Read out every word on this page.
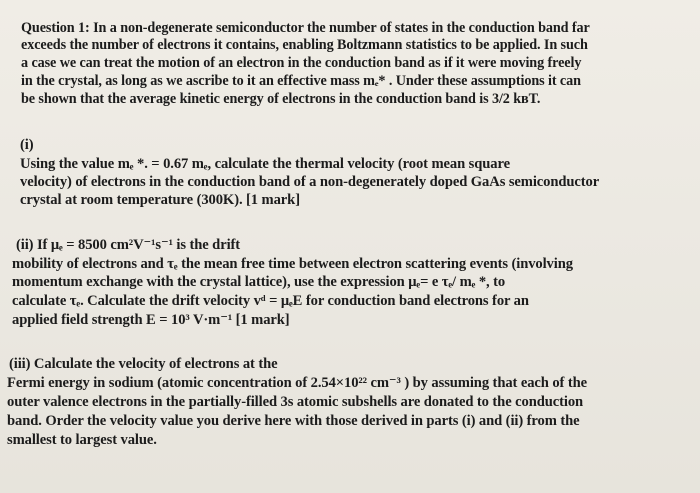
Question 1: In a non-degenerate semiconductor the number of states in the conduction band far
exceeds the number of electrons it contains, enabling Boltzmann statistics to be applied. In such
a case we can treat the motion of an electron in the conduction band as if it were moving freely
in the crystal, as long as we ascribe to it an effective mass mₑ* . Under these assumptions it can
be shown that the average kinetic energy of electrons in the conduction band is 3/2 kʙT.
(i)
Using the value mₑ *. = 0.67 mₑ, calculate the thermal velocity (root mean square
velocity) of electrons in the conduction band of a non-degenerately doped GaAs semiconductor
crystal at room temperature (300K). [1 mark]
(ii) If μₑ = 8500 cm²V⁻¹s⁻¹ is the drift
mobility of electrons and τₑ the mean free time between electron scattering events (involving
momentum exchange with the crystal lattice), use the expression μₑ= e τₑ/ mₑ *, to
calculate τₑ. Calculate the drift velocity vᵈ = μₑE for conduction band electrons for an
applied field strength E = 10³ V·m⁻¹ [1 mark]
(iii) Calculate the velocity of electrons at the
Fermi energy in sodium (atomic concentration of 2.54×10²² cm⁻³ ) by assuming that each of the
outer valence electrons in the partially-filled 3s atomic subshells are donated to the conduction
band. Order the velocity value you derive here with those derived in parts (i) and (ii) from the
smallest to largest value.
